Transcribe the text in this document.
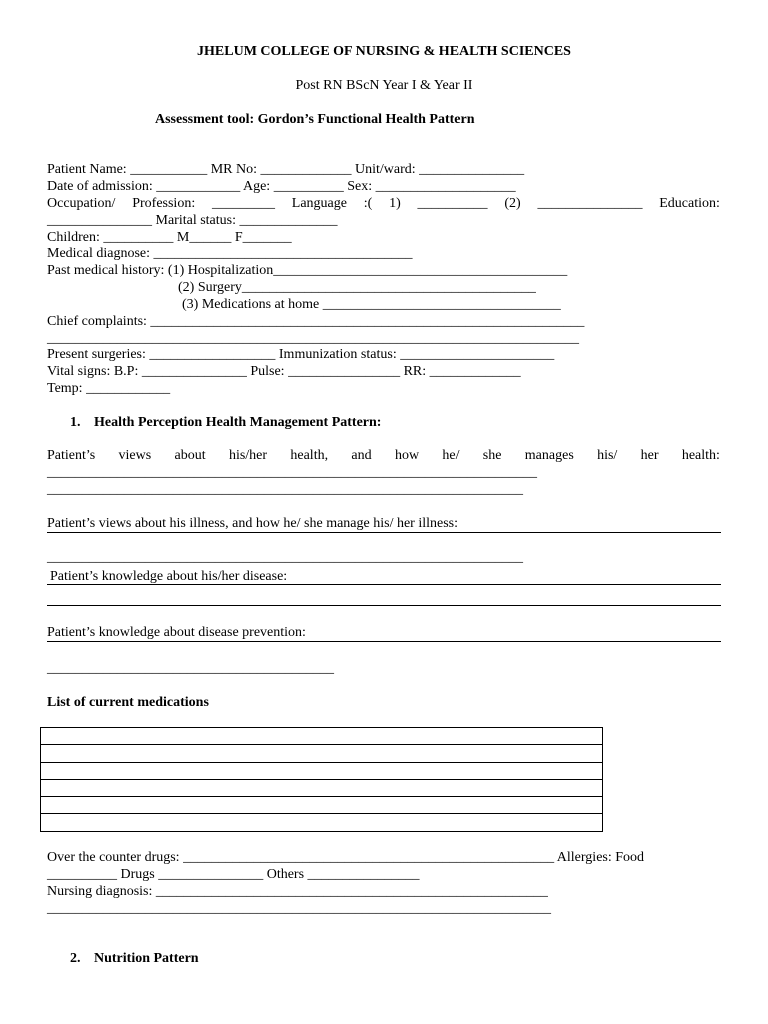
JHELUM COLLEGE OF NURSING & HEALTH SCIENCES
Post RN BScN Year I & Year II
Assessment tool: Gordon’s Functional Health Pattern
Patient Name: ___________ MR No: _____________ Unit/ward: _______________
Date of admission: ____________ Age: __________ Sex: ____________________
Occupation/ Profession: _________ Language :( 1) __________ (2) _______________ Education:
_______________ Marital status: ______________
Children: __________ M______ F_______
Medical diagnose: _____________________________________
Past medical history: (1) Hospitalization__________________________________________
(2) Surgery__________________________________________
(3) Medications at home __________________________________
Chief complaints: ______________________________________________________________
____________________________________________________________________________
Present surgeries: __________________ Immunization status: ______________________
Vital signs: B.P: _______________ Pulse: ________________ RR: _____________
Temp: ____________
1. Health Perception Health Management Pattern:
Patient’s views about his/her health, and how he/ she manages his/ her health:
______________________________________________________________________
____________________________________________________________________
Patient’s views about his illness, and how he/ she manage his/ her illness:
____________________________________________________________________
Patient’s knowledge about his/her disease:
Patient’s knowledge about disease prevention:
_________________________________________
List of current medications

Over the counter drugs: _____________________________________________________ Allergies: Food
__________ Drugs _______________ Others ________________
Nursing diagnosis: ________________________________________________________
________________________________________________________________________
2. Nutrition Pattern
